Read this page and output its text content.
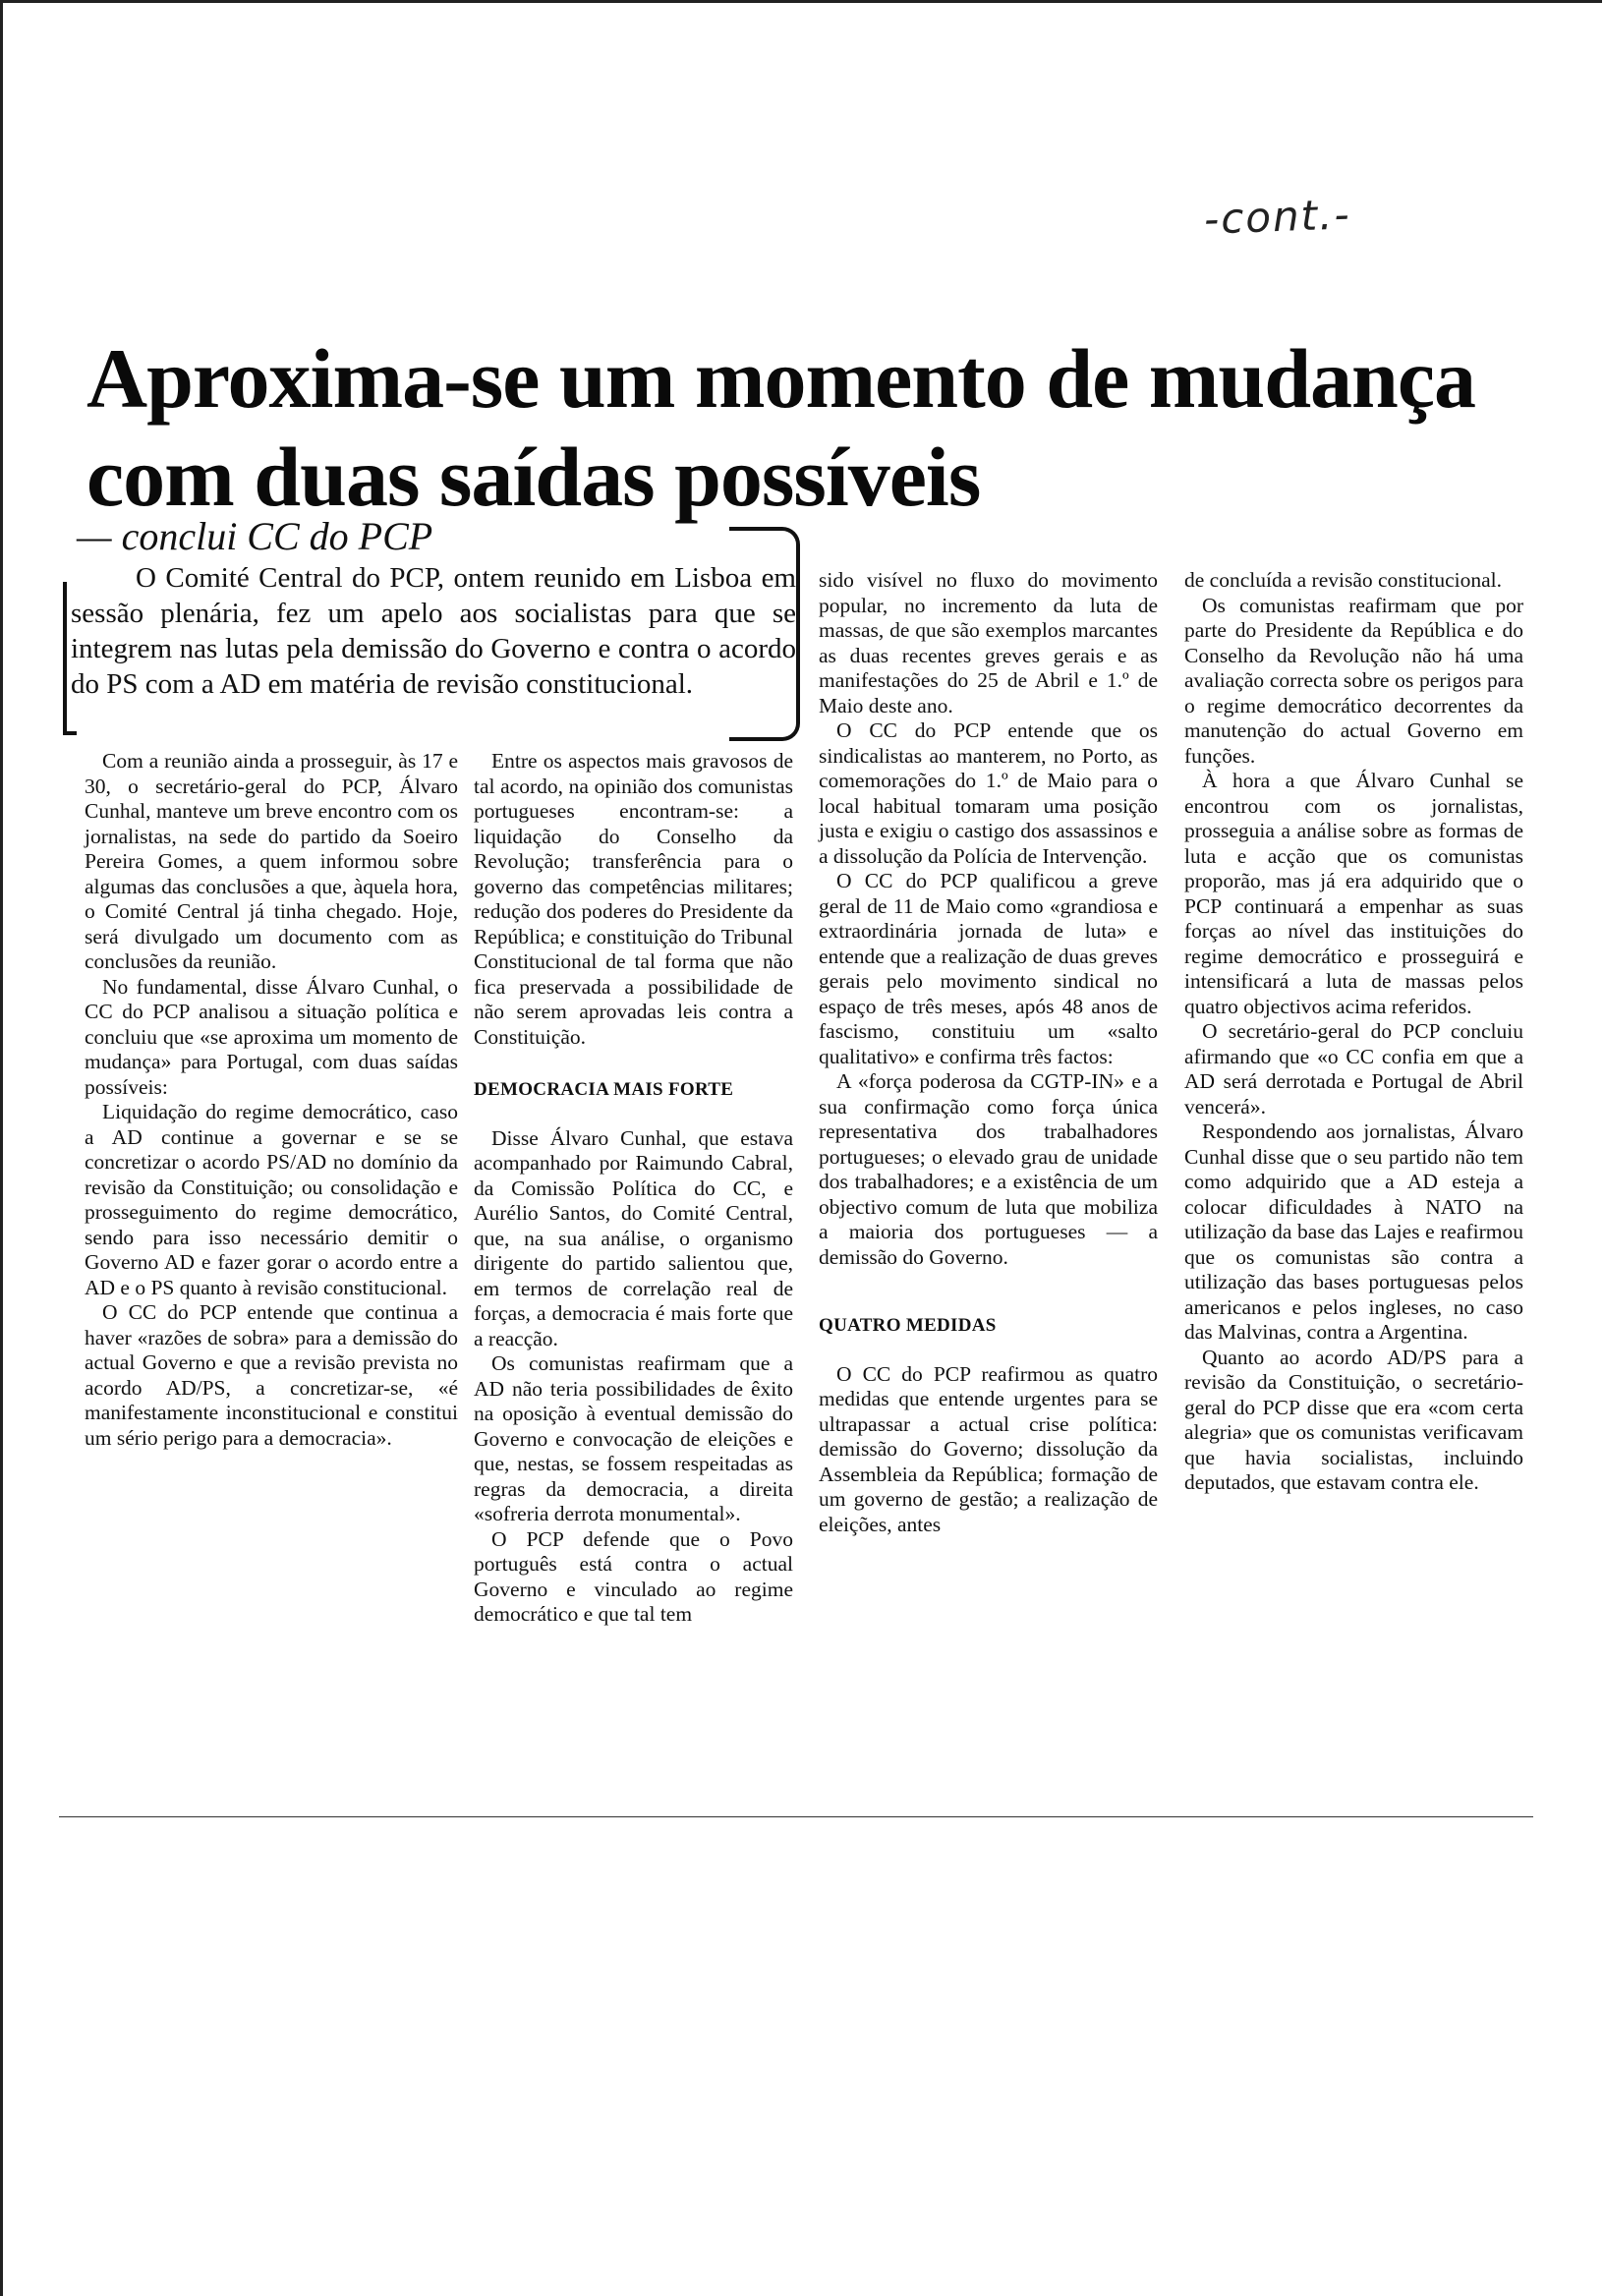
-cont.-
Aproxima-se um momento de mudança com duas saídas possíveis
— conclui CC do PCP

O Comité Central do PCP, ontem reunido em Lisboa em sessão plenária, fez um apelo aos socialistas para que se integrem nas lutas pela demissão do Governo e contra o acordo do PS com a AD em matéria de revisão constitucional.

Com a reunião ainda a prosseguir, às 17 e 30, o secretário-geral do PCP, Álvaro Cunhal, manteve um breve encontro com os jornalistas, na sede do partido da Soeiro Pereira Gomes, a quem informou sobre algumas das conclusões a que, àquela hora, o Comité Central já tinha chegado. Hoje, será divulgado um documento com as conclusões da reunião.

No fundamental, disse Álvaro Cunhal, o CC do PCP analisou a situação política e concluiu que «se aproxima um momento de mudança» para Portugal, com duas saídas possíveis:

Liquidação do regime democrático, caso a AD continue a governar e se se concretizar o acordo PS/AD no domínio da revisão da Constituição; ou consolidação e prosseguimento do regime democrático, sendo para isso necessário demitir o Governo AD e fazer gorar o acordo entre a AD e o PS quanto à revisão constitucional.

O CC do PCP entende que continua a haver «razões de sobra» para a demissão do actual Governo e que a revisão prevista no acordo AD/PS, a concretizar-se, «é manifestamente inconstitucional e constitui um sério perigo para a democracia».

Entre os aspectos mais gravosos de tal acordo, na opinião dos comunistas portugueses encontram-se: a liquidação do Conselho da Revolução; transferência para o governo das competências militares; redução dos poderes do Presidente da República; e constituição do Tribunal Constitucional de tal forma que não fica preservada a possibilidade de não serem aprovadas leis contra a Constituição.

DEMOCRACIA MAIS FORTE

Disse Álvaro Cunhal, que estava acompanhado por Raimundo Cabral, da Comissão Política do CC, e Aurélio Santos, do Comité Central, que, na sua análise, o organismo dirigente do partido salientou que, em termos de correlação real de forças, a democracia é mais forte que a reacção.

Os comunistas reafirmam que a AD não teria possibilidades de êxito na oposição à eventual demissão do Governo e convocação de eleições e que, nestas, se fossem respeitadas as regras da democracia, a direita «sofreria derrota monumental».

O PCP defende que o Povo português está contra o actual Governo e vinculado ao regime democrático e que tal tem

sido visível no fluxo do movimento popular, no incremento da luta de massas, de que são exemplos marcantes as duas recentes greves gerais e as manifestações do 25 de Abril e 1.º de Maio deste ano.

O CC do PCP entende que os sindicalistas ao manterem, no Porto, as comemorações do 1.º de Maio para o local habitual tomaram uma posição justa e exigiu o castigo dos assassinos e a dissolução da Polícia de Intervenção.

O CC do PCP qualificou a greve geral de 11 de Maio como «grandiosa e extraordinária jornada de luta» e entende que a realização de duas greves gerais pelo movimento sindical no espaço de três meses, após 48 anos de fascismo, constituiu um «salto qualitativo» e confirma três factos:

A «força poderosa da CGTP-IN» e a sua confirmação como força única representativa dos trabalhadores portugueses; o elevado grau de unidade dos trabalhadores; e a existência de um objectivo comum de luta que mobiliza a maioria dos portugueses — a demissão do Governo.

QUATRO MEDIDAS

O CC do PCP reafirmou as quatro medidas que entende urgentes para se ultrapassar a actual crise política: demissão do Governo; dissolução da Assembleia da República; formação de um governo de gestão; a realização de eleições, antes

de concluída a revisão constitucional.

Os comunistas reafirmam que por parte do Presidente da República e do Conselho da Revolução não há uma avaliação correcta sobre os perigos para o regime democrático decorrentes da manutenção do actual Governo em funções.

À hora a que Álvaro Cunhal se encontrou com os jornalistas, prosseguia a análise sobre as formas de luta e acção que os comunistas proporão, mas já era adquirido que o PCP continuará a empenhar as suas forças ao nível das instituições do regime democrático e prosseguirá e intensificará a luta de massas pelos quatro objectivos acima referidos.

O secretário-geral do PCP concluiu afirmando que «o CC confia em que a AD será derrotada e Portugal de Abril vencerá».

Respondendo aos jornalistas, Álvaro Cunhal disse que o seu partido não tem como adquirido que a AD esteja a colocar dificuldades à NATO na utilização da base das Lajes e reafirmou que os comunistas são contra a utilização das bases portuguesas pelos americanos e pelos ingleses, no caso das Malvinas, contra a Argentina.

Quanto ao acordo AD/PS para a revisão da Constituição, o secretário-geral do PCP disse que era «com certa alegria» que os comunistas verificavam que havia socialistas, incluindo deputados, que estavam contra ele.
